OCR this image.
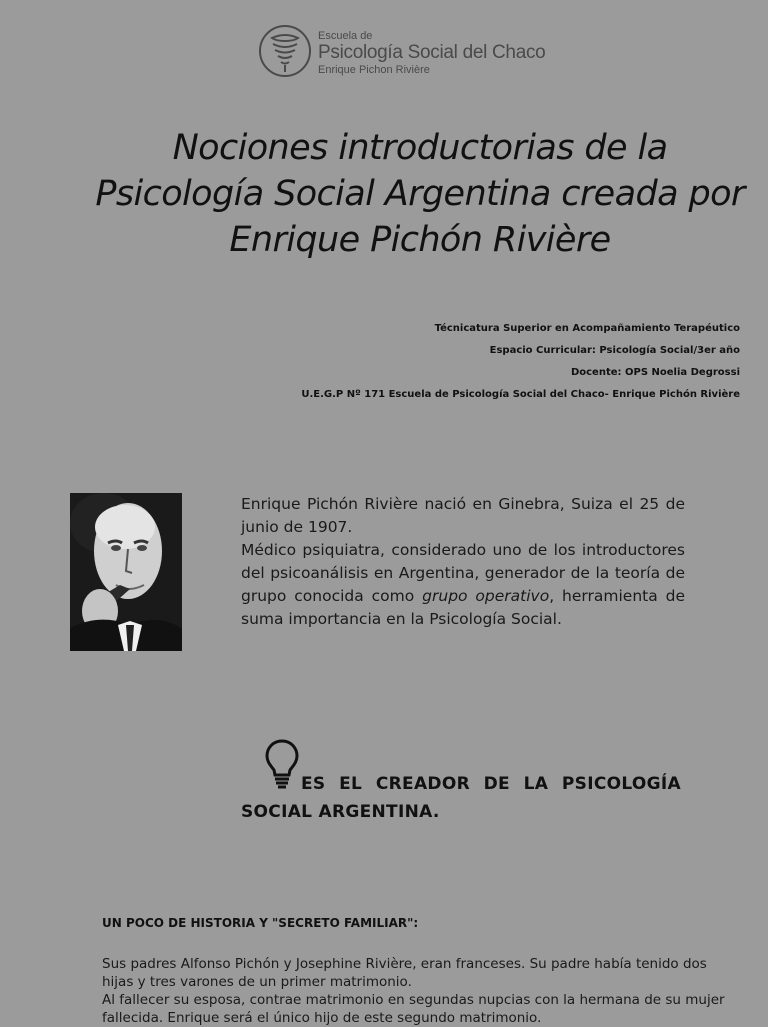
Escuela de
Psicología Social del Chaco
Enrique Pichon Rivière
Nociones introductorias de la Psicología Social Argentina creada por Enrique Pichón Rivière
Técnicatura Superior en Acompañamiento Terapéutico
Espacio Curricular: Psicología Social/3er año
Docente: OPS Noelia Degrossi
U.E.G.P Nº 171 Escuela de Psicología Social del Chaco- Enrique Pichón Rivière

Enrique Pichón Rivière nació en Ginebra, Suiza el 25 de junio de 1907.

Médico psiquiatra, considerado uno de los introductores del psicoanálisis en Argentina, generador de la teoría de grupo conocida como grupo operativo, herramienta de suma importancia en la Psicología Social.

ES EL CREADOR DE LA PSICOLOGÍA SOCIAL ARGENTINA.
UN POCO DE HISTORIA Y "SECRETO FAMILIAR":

Sus padres Alfonso Pichón y Josephine Rivière, eran franceses. Su padre había tenido dos hijas y tres varones de un primer matrimonio.

Al fallecer su esposa, contrae matrimonio en segundas nupcias con la hermana de su mujer fallecida. Enrique será el único hijo de este segundo matrimonio.
